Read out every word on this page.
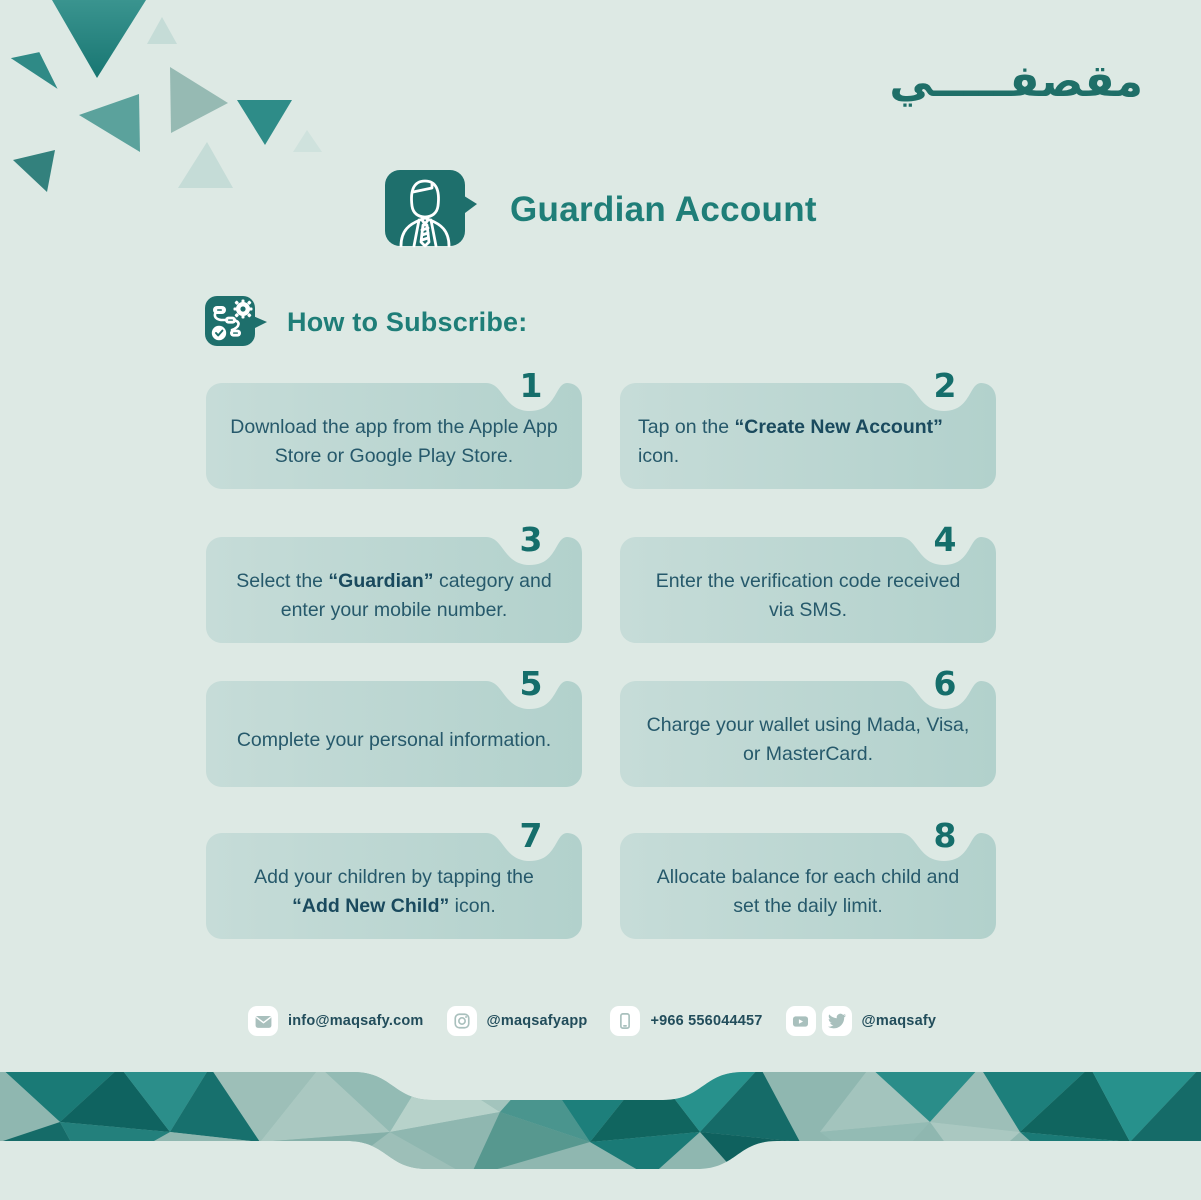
مقصفـــــي
Guardian Account
How to Subscribe:
1
Download the app from the Apple App
Store or Google Play Store.
2
Tap on the “Create New Account” icon.
3
Select the “Guardian” category and
enter your mobile number.
4
Enter the verification code received
via SMS.
5
Complete your personal information.
6
Charge your wallet using Mada, Visa,
or MasterCard.
7
Add your children by tapping the
“Add New Child” icon.
8
Allocate balance for each child and
set the daily limit.
info@maqsafy.com	@maqsafyapp	+966 556044457	@maqsafy
